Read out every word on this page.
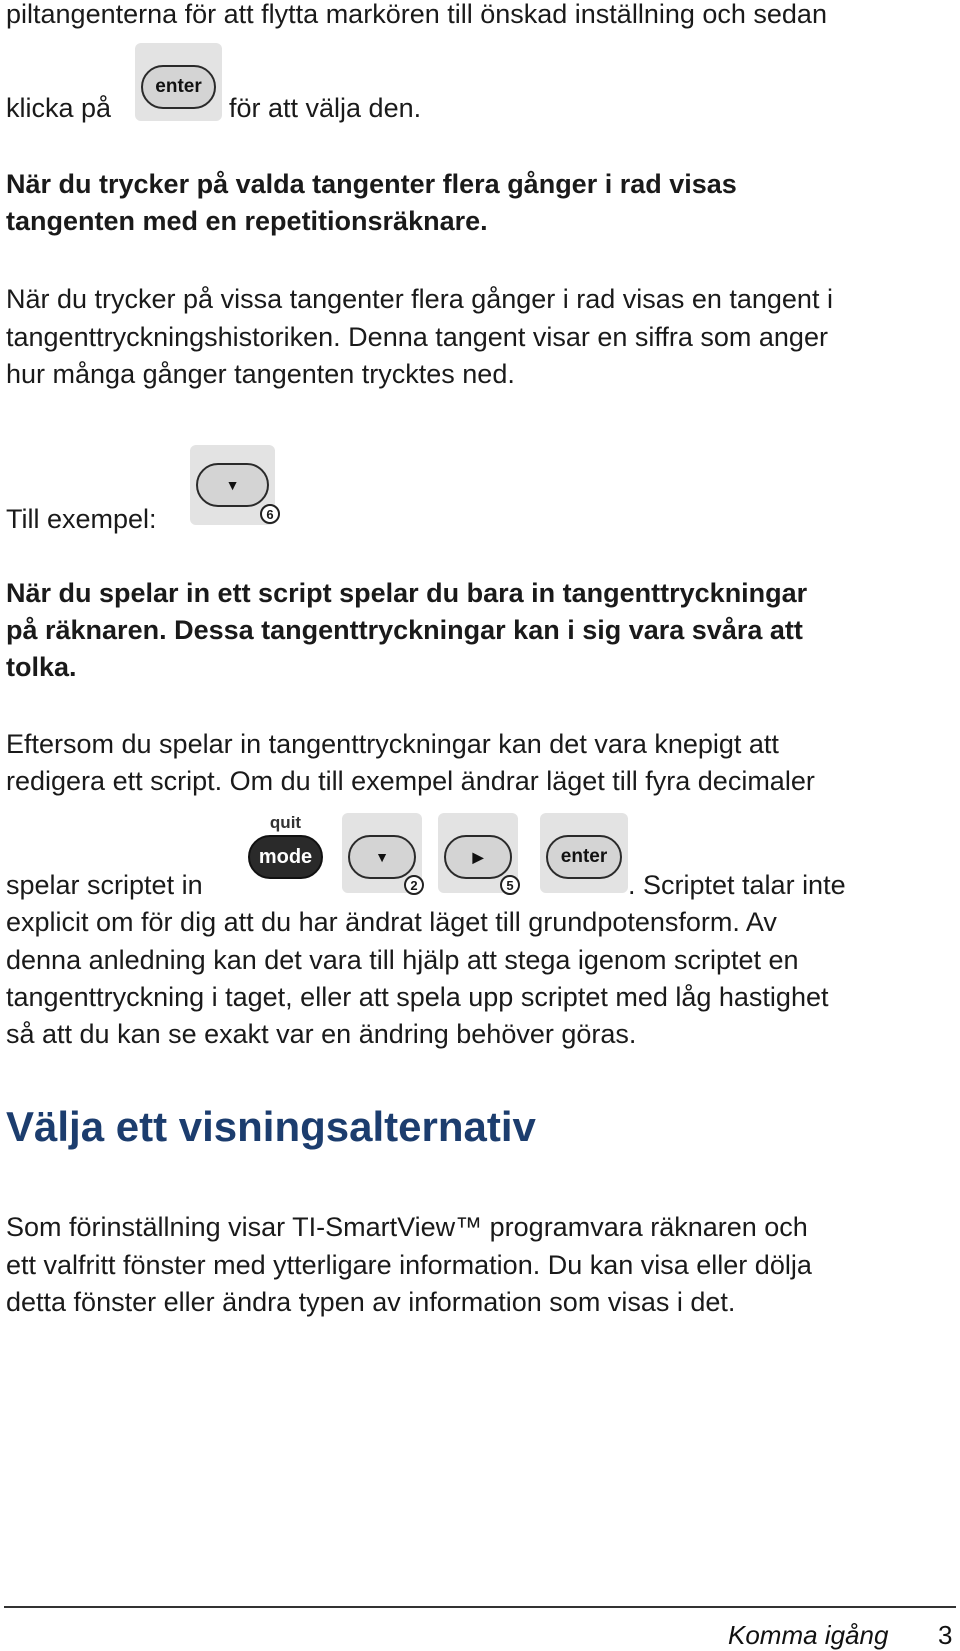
piltangenterna för att flytta markören till önskad inställning och sedan
klicka på
enter
för att välja den.
När du trycker på valda tangenter flera gånger i rad visas
tangenten med en repetitionsräknare.
När du trycker på vissa tangenter flera gånger i rad visas en tangent i
tangenttryckningshistoriken. Denna tangent visar en siffra som anger
hur många gånger tangenten trycktes ned.
Till exempel:
▼
6
När du spelar in ett script spelar du bara in tangenttryckningar
på räknaren. Dessa tangenttryckningar kan i sig vara svåra att
tolka.
Eftersom du spelar in tangenttryckningar kan det vara knepigt att
redigera ett script. Om du till exempel ändrar läget till fyra decimaler
spelar scriptet in
quit
mode	▼
2
▶
5
enter
. Scriptet talar inte
explicit om för dig att du har ändrat läget till grundpotensform. Av
denna anledning kan det vara till hjälp att stega igenom scriptet en
tangenttryckning i taget, eller att spela upp scriptet med låg hastighet
så att du kan se exakt var en ändring behöver göras.
Välja ett visningsalternativ
Som förinställning visar TI-SmartView™ programvara räknaren och
ett valfritt fönster med ytterligare information. Du kan visa eller dölja
detta fönster eller ändra typen av information som visas i det.
Komma igång 3
